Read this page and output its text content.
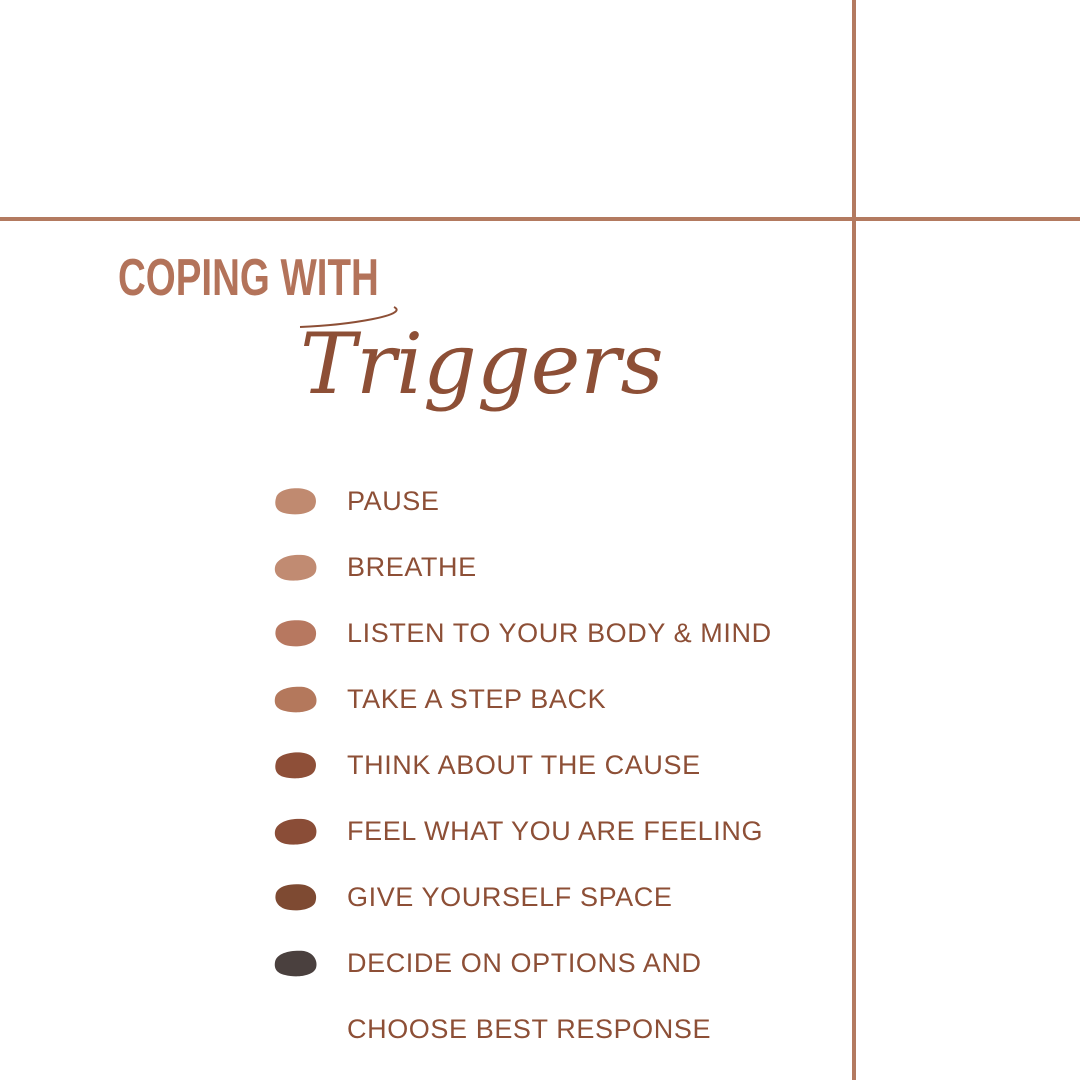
COPING WITH
Triggers
PAUSE
BREATHE
LISTEN TO YOUR BODY & MIND
TAKE A STEP BACK
THINK ABOUT THE CAUSE
FEEL WHAT YOU ARE FEELING
GIVE YOURSELF SPACE
DECIDE ON OPTIONS AND
CHOOSE BEST RESPONSE
